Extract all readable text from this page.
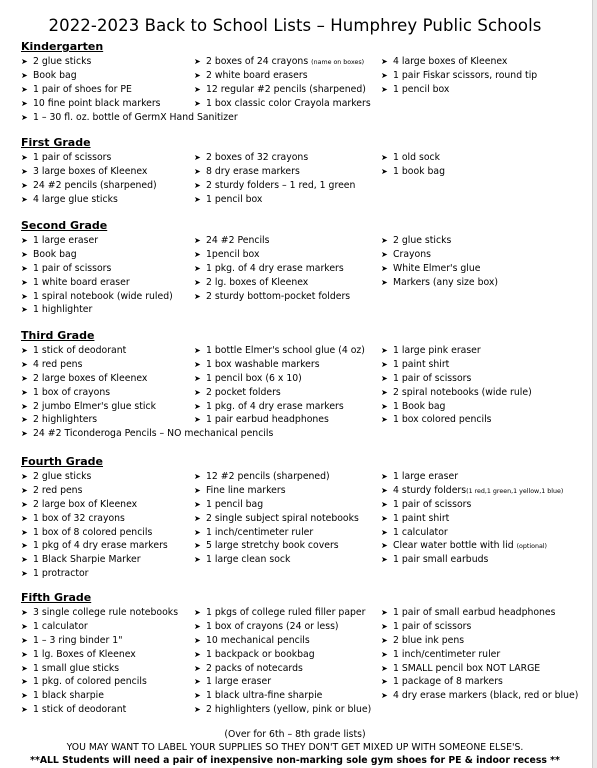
2022-2023 Back to School Lists – Humphrey Public Schools
Kindergarten
➤ 2 glue sticks
➤ Book bag
➤ 1 pair of shoes for PE
➤ 10 fine point black markers
➤ 2 boxes of 24 crayons (name on boxes)
➤ 2 white board erasers
➤ 12 regular #2 pencils (sharpened)
➤ 1 box classic color Crayola markers
➤ 4 large boxes of Kleenex
➤ 1 pair Fiskar scissors, round tip
➤ 1 pencil box
➤ 1 – 30 fl. oz. bottle of GermX Hand Sanitizer
First Grade
➤ 1 pair of scissors
➤ 3 large boxes of Kleenex
➤ 24 #2 pencils (sharpened)
➤ 4 large glue sticks
➤ 2 boxes of 32 crayons
➤ 8 dry erase markers
➤ 2 sturdy folders – 1 red, 1 green
➤ 1 pencil box
➤ 1 old sock
➤ 1 book bag
Second Grade
➤ 1 large eraser
➤ Book bag
➤ 1 pair of scissors
➤ 1 white board eraser
➤ 1 spiral notebook (wide ruled)
➤ 1 highlighter
➤ 24 #2 Pencils
➤ 1pencil box
➤ 1 pkg. of 4 dry erase markers
➤ 2 lg. boxes of Kleenex
➤ 2 sturdy bottom-pocket folders
➤ 2 glue sticks
➤ Crayons
➤ White Elmer's glue
➤ Markers (any size box)
Third Grade
➤ 1 stick of deodorant
➤ 4 red pens
➤ 2 large boxes of Kleenex
➤ 1 box of crayons
➤ 2 jumbo Elmer's glue stick
➤ 2 highlighters
➤ 1 bottle Elmer's school glue (4 oz)
➤ 1 box washable markers
➤ 1 pencil box (6 x 10)
➤ 2 pocket folders
➤ 1 pkg. of 4 dry erase markers
➤ 1 pair earbud headphones
➤ 1 large pink eraser
➤ 1 paint shirt
➤ 1 pair of scissors
➤ 2 spiral notebooks (wide rule)
➤ 1 Book bag
➤ 1 box colored pencils
➤ 24 #2 Ticonderoga Pencils – NO mechanical pencils
Fourth Grade
➤ 2 glue sticks
➤ 2 red pens
➤ 2 large box of Kleenex
➤ 1 box of 32 crayons
➤ 1 box of 8 colored pencils
➤ 1 pkg of 4 dry erase markers
➤ 1 Black Sharpie Marker
➤ 1 protractor
➤ 12 #2 pencils (sharpened)
➤ Fine line markers
➤ 1 pencil bag
➤ 2 single subject spiral notebooks
➤ 1 inch/centimeter ruler
➤ 5 large stretchy book covers
➤ 1 large clean sock
➤ 1 large eraser
➤ 4 sturdy folders(1 red,1 green,1 yellow,1 blue)
➤ 1 pair of scissors
➤ 1 paint shirt
➤ 1 calculator
➤ Clear water bottle with lid (optional)
➤ 1 pair small earbuds
Fifth Grade
➤ 3 single college rule notebooks
➤ 1 calculator
➤ 1 – 3 ring binder 1"
➤ 1 lg. Boxes of Kleenex
➤ 1 small glue sticks
➤ 1 pkg. of colored pencils
➤ 1 black sharpie
➤ 1 stick of deodorant
➤ 1 pkgs of college ruled filler paper
➤ 1 box of crayons (24 or less)
➤ 10 mechanical pencils
➤ 1 backpack or bookbag
➤ 2 packs of notecards
➤ 1 large eraser
➤ 1 black ultra-fine sharpie
➤ 2 highlighters (yellow, pink or blue)
➤ 1 pair of small earbud headphones
➤ 1 pair of scissors
➤ 2 blue ink pens
➤ 1 inch/centimeter ruler
➤ 1 SMALL pencil box NOT LARGE
➤ 1 package of 8 markers
➤ 4 dry erase markers (black, red or blue)
(Over for 6th – 8th grade lists)
YOU MAY WANT TO LABEL YOUR SUPPLIES SO THEY DON'T GET MIXED UP WITH SOMEONE ELSE'S.
**ALL Students will need a pair of inexpensive non-marking sole gym shoes for PE & indoor recess **
